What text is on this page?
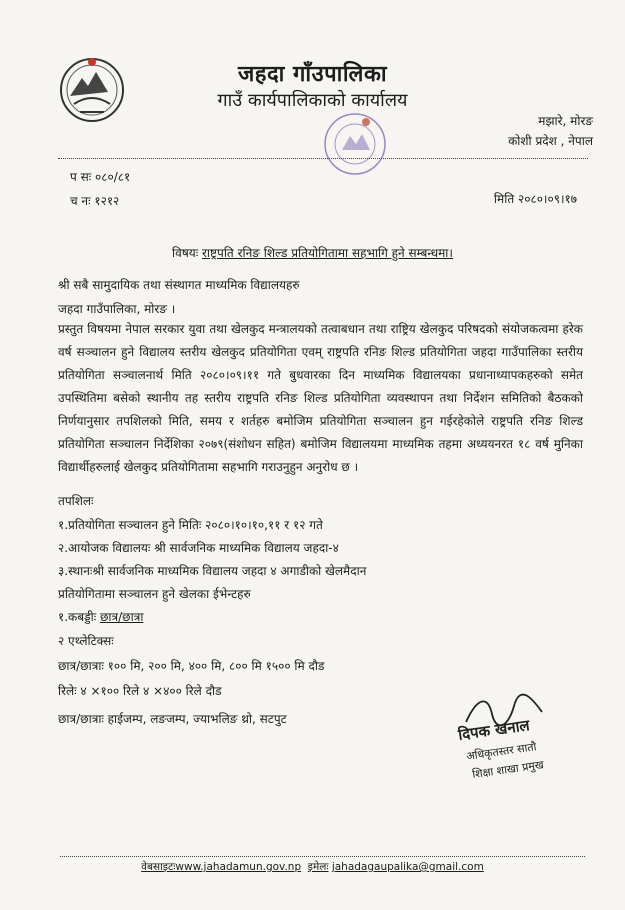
जहदा गाँउपालिका
गाउँ कार्यपालिकाको कार्यालय
मझारे, मोरङ
कोशी प्रदेश , नेपाल
प सः ०८०/८१
च नः १२१२	मिति २०८०।०९।१७
विषयः राष्ट्रपति रनिङ शिल्ड प्रतियोगितामा सहभागि हुने सम्बन्धमा।
श्री सबै सामुदायिक तथा संस्थागत माध्यमिक विद्यालयहरु
जहदा गाउँपालिका, मोरङ ।
प्रस्तुत विषयमा नेपाल सरकार युवा तथा खेलकुद मन्त्रालयको तत्वाबधान तथा राष्ट्रिय खेलकुद परिषदको संयोजकत्वमा हरेक वर्ष सञ्चालन हुने विद्यालय स्तरीय खेलकुद प्रतियोगिता एवम् राष्ट्रपति रनिङ शिल्ड प्रतियोगिता जहदा गाउँपालिका स्तरीय प्रतियोगिता सञ्चालनार्थ मिति २०८०।०९।११ गते बुधवारका दिन माध्यमिक विद्यालयका प्रधानाध्यापकहरुको समेत उपस्थितिमा बसेको स्थानीय तह स्तरीय राष्ट्रपति रनिङ शिल्ड प्रतियोगिता व्यवस्थापन तथा निर्देशन समितिको बैठकको निर्णयानुसार तपशिलको मिति, समय र शर्तहरु बमोजिम प्रतियोगिता सञ्चालन हुन गईरहेकोले राष्ट्रपति रनिङ शिल्ड प्रतियोगिता सञ्चालन निर्देशिका २०७९(संशोधन सहित) बमोजिम विद्यालयमा माध्यमिक तहमा अध्ययनरत १८ वर्ष मुनिका विद्यार्थीहरुलाई खेलकुद प्रतियोगितामा सहभागि गराउनुहुन अनुरोध छ ।
तपशिलः
१.प्रतियोगिता सञ्चालन हुने मितिः २०८०।१०।१०,११ र १२ गते
२.आयोजक विद्यालयः श्री सार्वजनिक माध्यमिक विद्यालय जहदा-४
३.स्थानःश्री सार्वजनिक माध्यमिक विद्यालय जहदा ४ अगाडीको खेलमैदान
प्रतियोगितामा सञ्चालन हुने खेलका ईभेन्टहरु
१.कबड्डीः छात्र/छात्रा
२ एथ्लेटिक्सः
छात्र/छात्राः १०० मि, २०० मि, ४०० मि, ८०० मि १५०० मि दौड
रिलेः ४ ×१०० रिले ४ ×४०० रिले दौड
छात्र/छात्राः हाईजम्प, लङजम्प, ज्याभलिङ थ्रो, सटपुट	दिपक खनाल
अधिकृतस्तर सातौ
शिक्षा शाखा प्रमुख
वेबसाइटःwww.jahadamun.gov.np इमेलः jahadagaupalika@gmail.com
